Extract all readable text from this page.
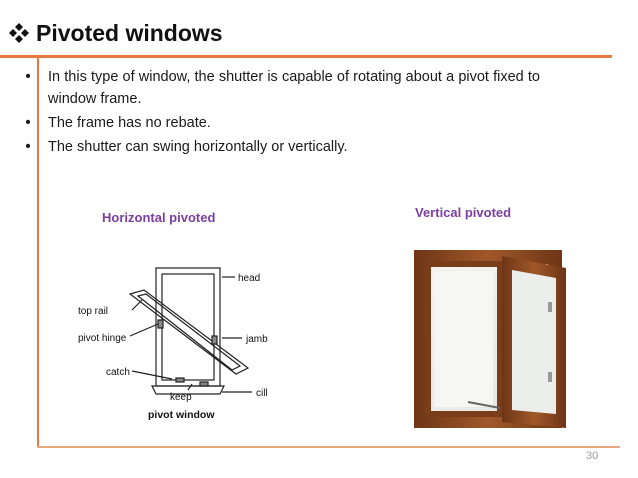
Pivoted windows
•	In this type of window, the shutter is capable of rotating about a pivot fixed to window frame.
•	The frame has no rebate.
•	The shutter can swing horizontally or vertically.
Horizontal pivoted	Vertical pivoted
head
top rail
pivot hinge	jamb
catch
keep	cill
pivot window
30
